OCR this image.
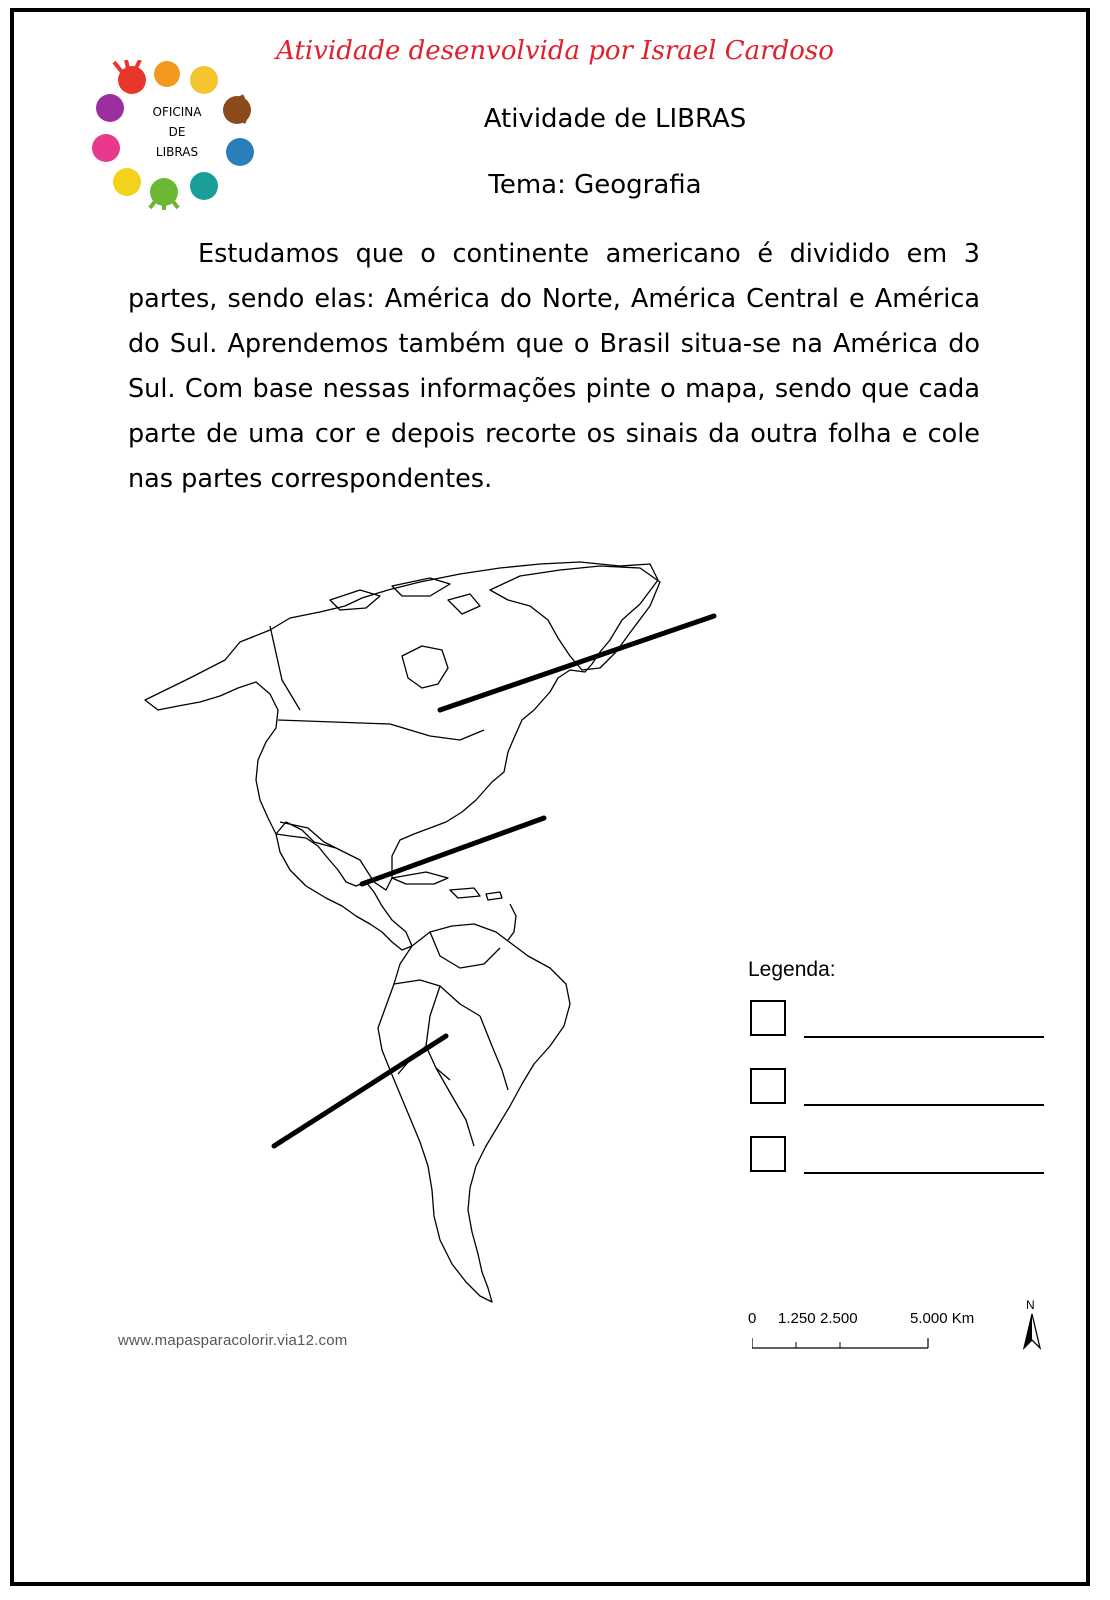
Atividade desenvolvida por Israel Cardoso
OFICINA
DE
LIBRAS
Atividade de LIBRAS
Tema: Geografia
Estudamos que o continente americano é dividido em 3 partes, sendo elas: América do Norte, América Central e América do Sul. Aprendemos também que o Brasil situa-se na América do Sul. Com base nessas informações pinte o mapa, sendo que cada parte de uma cor e depois recorte os sinais da outra folha e cole nas partes correspondentes.
www.mapasparacolorir.via12.com
Legenda:
0 1.250 2.500	5.000 Km
N
